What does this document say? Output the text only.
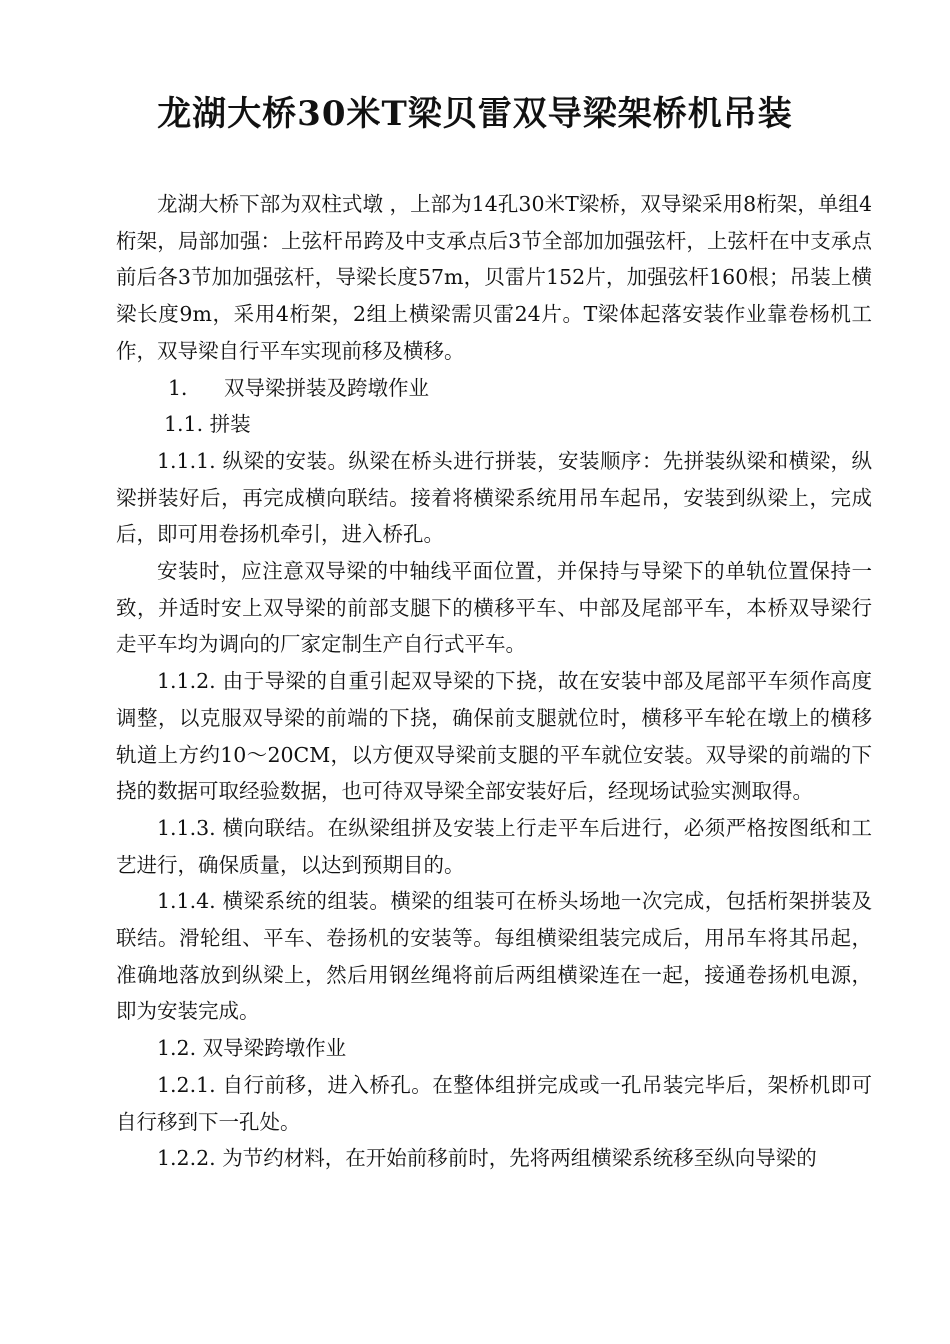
龙湖大桥30米T梁贝雷双导梁架桥机吊装

龙湖大桥下部为双柱式墩 ，上部为14孔30米T梁桥，双导梁采用8桁架，单组4桁架，局部加强：上弦杆吊跨及中支承点后3节全部加加强弦杆，上弦杆在中支承点前后各3节加加强弦杆，导梁长度57m，贝雷片152片，加强弦杆160根；吊装上横梁长度9m，采用4桁架，2组上横梁需贝雷24片。T梁体起落安装作业靠卷杨机工作，双导梁自行平车实现前移及横移。

1． 双导梁拼装及跨墩作业

1.1. 拼装

1.1.1. 纵梁的安装。纵梁在桥头进行拼装，安装顺序：先拼装纵梁和横梁，纵梁拼装好后，再完成横向联结。接着将横梁系统用吊车起吊，安装到纵梁上，完成后，即可用卷扬机牵引，进入桥孔。

安装时，应注意双导梁的中轴线平面位置，并保持与导梁下的单轨位置保持一致，并适时安上双导梁的前部支腿下的横移平车、中部及尾部平车，本桥双导梁行走平车均为调向的厂家定制生产自行式平车。

1.1.2. 由于导梁的自重引起双导梁的下挠，故在安装中部及尾部平车须作高度调整，以克服双导梁的前端的下挠，确保前支腿就位时，横移平车轮在墩上的横移轨道上方约10～20CM，以方便双导梁前支腿的平车就位安装。双导梁的前端的下挠的数据可取经验数据，也可待双导梁全部安装好后，经现场试验实测取得。

1.1.3. 横向联结。在纵梁组拼及安装上行走平车后进行，必须严格按图纸和工艺进行，确保质量，以达到预期目的。

1.1.4. 横梁系统的组装。横梁的组装可在桥头场地一次完成，包括桁架拼装及联结。滑轮组、平车、卷扬机的安装等。每组横梁组装完成后，用吊车将其吊起，准确地落放到纵梁上，然后用钢丝绳将前后两组横梁连在一起，接通卷扬机电源，即为安装完成。

1.2. 双导梁跨墩作业

1.2.1. 自行前移，进入桥孔。在整体组拼完成或一孔吊装完毕后，架桥机即可自行移到下一孔处。

1.2.2. 为节约材料，在开始前移前时，先将两组横梁系统移至纵向导梁的
